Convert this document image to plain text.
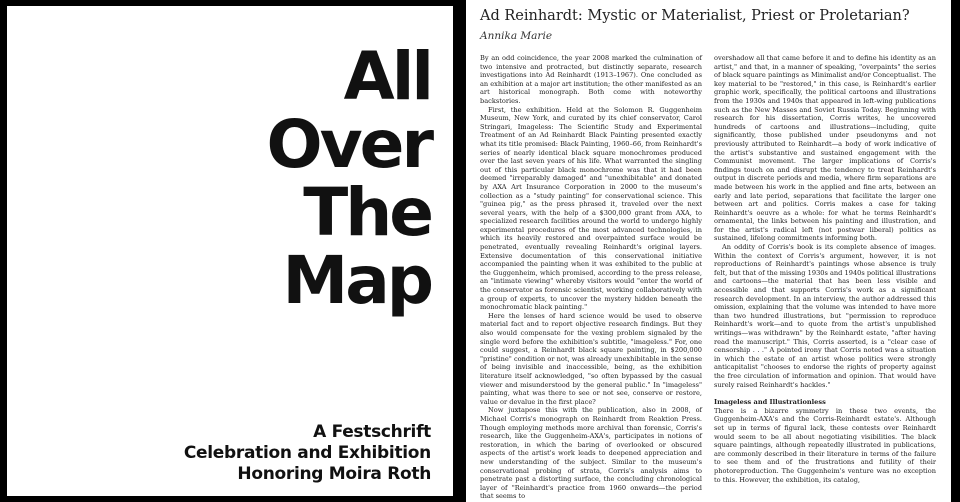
All
Over
The
Map
A Festschrift
Celebration and Exhibition
Honoring Moira Roth
Ad Reinhardt: Mystic or Materialist, Priest or Proletarian?
Annika Marie

By an odd coincidence, the year 2008 marked the culmination of two intensive and protracted, but distinctly separate, research investigations into Ad Reinhardt (1913–1967). One concluded as an exhibition at a major art institution; the other manifested as an art historical monograph. Both come with noteworthy backstories.

First, the exhibition. Held at the Solomon R. Guggenheim Museum, New York, and curated by its chief conservator, Carol Stringari, Imageless: The Scientific Study and Experimental Treatment of an Ad Reinhardt Black Painting presented exactly what its title promised: Black Painting, 1960–66, from Reinhardt's series of nearly identical black square monochromes produced over the last seven years of his life. What warranted the singling out of this particular black monochrome was that it had been deemed "irreparably damaged" and "unexhibitable" and donated by AXA Art Insurance Corporation in 2000 to the museum's collection as a "study painting" for conservational science. This "guinea pig," as the press phrased it, traveled over the next several years, with the help of a $300,000 grant from AXA, to specialized research facilities around the world to undergo highly experimental procedures of the most advanced technologies, in which its heavily restored and overpainted surface would be penetrated, eventually revealing Reinhardt's original layers. Extensive documentation of this conservational initiative accompanied the painting when it was exhibited to the public at the Guggenheim, which promised, according to the press release, an "intimate viewing" whereby visitors would "enter the world of the conservator as forensic scientist, working collaboratively with a group of experts, to uncover the mystery hidden beneath the monochromatic black painting."

Here the lenses of hard science would be used to observe material fact and to report objective research findings. But they also would compensate for the vexing problem signaled by the single word before the exhibition's subtitle, "imageless." For, one could suggest, a Reinhardt black square painting, in $200,000 "pristine" condition or not, was already unexhibitable in the sense of being invisible and inaccessible, being, as the exhibition literature itself acknowledged, "so often bypassed by the casual viewer and misunderstood by the general public." In "imageless" painting, what was there to see or not see, conserve or restore, value or devalue in the first place?

Now juxtapose this with the publication, also in 2008, of Michael Corris's monograph on Reinhardt from Reaktion Press. Though employing methods more archival than forensic, Corris's research, like the Guggenheim-AXA's, participates in notions of restoration, in which the baring of overlooked or obscured aspects of the artist's work leads to deepened appreciation and new understanding of the subject. Similar to the museum's conservational probing of strata, Corris's analysis aims to penetrate past a distorting surface, the concluding chronological layer of "Reinhardt's practice from 1960 onwards—the period that seems to

overshadow all that came before it and to define his identity as an artist," and that, in a manner of speaking, "overpaints" the series of black square paintings as Minimalist and/or Conceptualist. The key material to be "restored," in this case, is Reinhardt's earlier graphic work, specifically, the political cartoons and illustrations from the 1930s and 1940s that appeared in left-wing publications such as the New Masses and Soviet Russia Today. Beginning with research for his dissertation, Corris writes, he uncovered hundreds of cartoons and illustrations—including, quite significantly, those published under pseudonyms and not previously attributed to Reinhardt—a body of work indicative of the artist's substantive and sustained engagement with the Communist movement. The larger implications of Corris's findings touch on and disrupt the tendency to treat Reinhardt's output in discrete periods and media, where firm separations are made between his work in the applied and fine arts, between an early and late period, separations that facilitate the larger one between art and politics. Corris makes a case for taking Reinhardt's oeuvre as a whole: for what he terms Reinhardt's ornamental, the links between his painting and illustration, and for the artist's radical left (not postwar liberal) politics as sustained, lifelong commitments informing both.

An oddity of Corris's book is its complete absence of images. Within the context of Corris's argument, however, it is not reproductions of Reinhardt's paintings whose absence is truly felt, but that of the missing 1930s and 1940s political illustrations and cartoons—the material that has been less visible and accessible and that supports Corris's work as a significant research development. In an interview, the author addressed this omission, explaining that the volume was intended to have more than two hundred illustrations, but "permission to reproduce Reinhardt's work—and to quote from the artist's unpublished writings—was withdrawn" by the Reinhardt estate, "after having read the manuscript." This, Corris asserted, is a "clear case of censorship . . ." A pointed irony that Corris noted was a situation in which the estate of an artist whose politics were strongly anticapitalist "chooses to endorse the rights of property against the free circulation of information and opinion. That would have surely raised Reinhardt's hackles."

Imageless and Illustrationless

There is a bizarre symmetry in these two events, the Guggenheim-AXA's and the Corris-Reinhardt estate's. Although set up in terms of figural lack, these contests over Reinhardt would seem to be all about negotiating visibilities. The black square paintings, although repeatedly illustrated in publications, are commonly described in their literature in terms of the failure to see them and of the frustrations and futility of their photoreproduction. The Guggenheim's venture was no exception to this. However, the exhibition, its catalog,
